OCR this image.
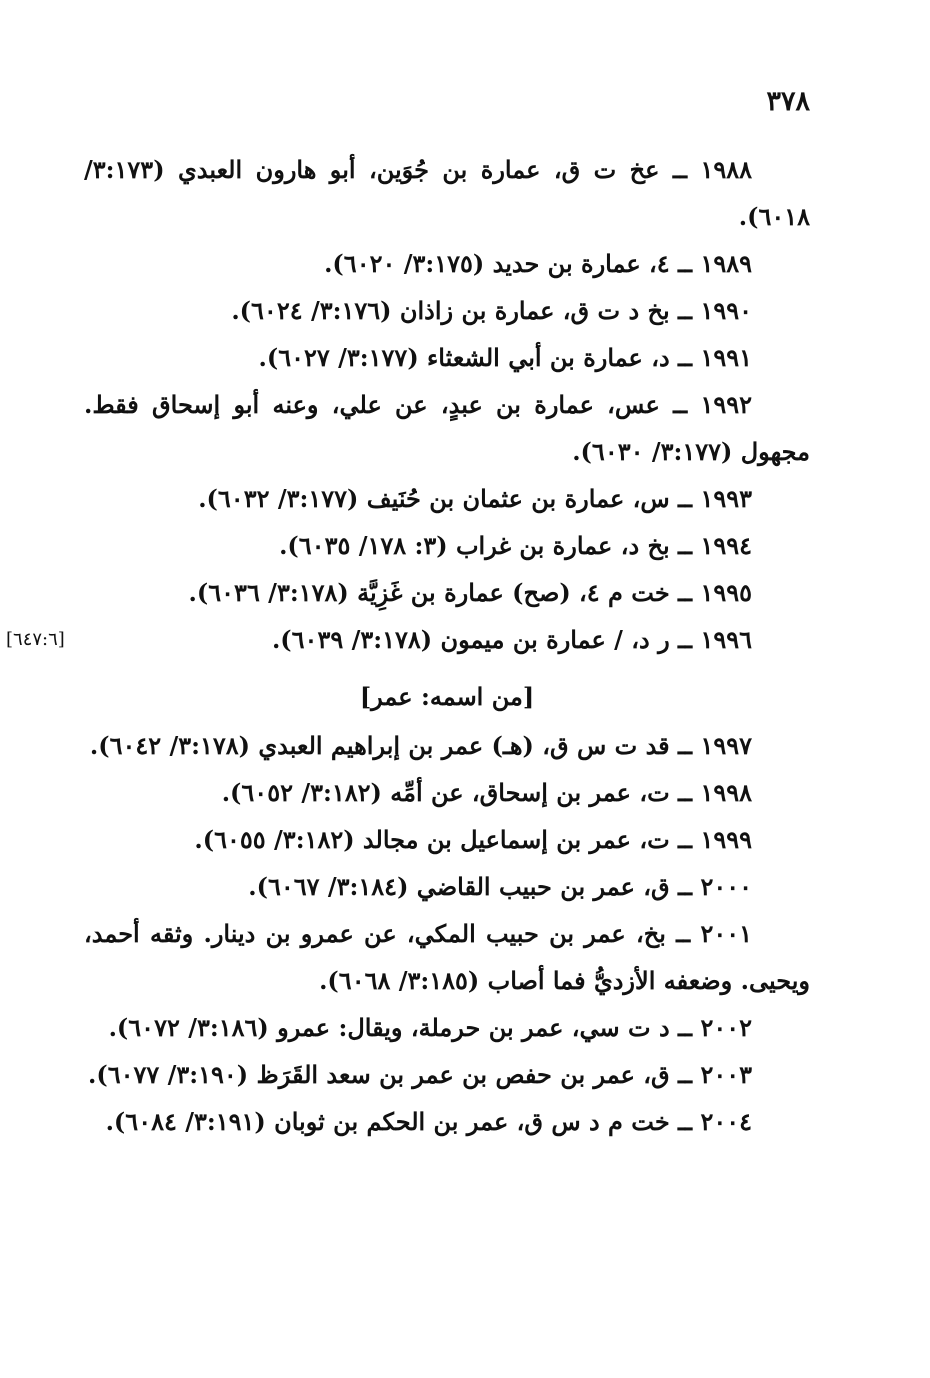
٣٧٨

١٩٨٨ ــ عخ ت ق، عمارة بن جُوَين، أبو هارون العبدي (٣:١٧٣/ ٦٠١٨).

١٩٨٩ ــ ٤، عمارة بن حديد (٣:١٧٥/ ٦٠٢٠).

١٩٩٠ ــ بخ د ت ق، عمارة بن زاذان (٣:١٧٦/ ٦٠٢٤).

١٩٩١ ــ د، عمارة بن أبي الشعثاء (٣:١٧٧/ ٦٠٢٧).

١٩٩٢ ــ عس، عمارة بن عبدٍ، عن علي، وعنه أبو إسحاق فقط. مجهول (٣:١٧٧/ ٦٠٣٠).

١٩٩٣ ــ س، عمارة بن عثمان بن حُنَيف (٣:١٧٧/ ٦٠٣٢).

١٩٩٤ ــ بخ د، عمارة بن غراب (٣: ١٧٨/ ٦٠٣٥).

١٩٩٥ ــ خت م ٤، (صح) عمارة بن غَزِيَّة (٣:١٧٨/ ٦٠٣٦).

١٩٩٦ ــ ر د، / عمارة بن ميمون (٣:١٧٨/ ٦٠٣٩).

[٦٤٧:٦]
[من اسمه: عمر]

١٩٩٧ ــ قد ت س ق، (هـ) عمر بن إبراهيم العبدي (٣:١٧٨/ ٦٠٤٢).

١٩٩٨ ــ ت، عمر بن إسحاق، عن أمِّه (٣:١٨٢/ ٦٠٥٢).

١٩٩٩ ــ ت، عمر بن إسماعيل بن مجالد (٣:١٨٢/ ٦٠٥٥).

٢٠٠٠ ــ ق، عمر بن حبيب القاضي (٣:١٨٤/ ٦٠٦٧).

٢٠٠١ ــ بخ، عمر بن حبيب المكي، عن عمرو بن دينار. وثقه أحمد، ويحيى. وضعفه الأزديُّ فما أصاب (٣:١٨٥/ ٦٠٦٨).

٢٠٠٢ ــ د ت سي، عمر بن حرملة، ويقال: عمرو (٣:١٨٦/ ٦٠٧٢).

٢٠٠٣ ــ ق، عمر بن حفص بن عمر بن سعد القَرَظ (٣:١٩٠/ ٦٠٧٧).

٢٠٠٤ ــ خت م د س ق، عمر بن الحكم بن ثوبان (٣:١٩١/ ٦٠٨٤).
